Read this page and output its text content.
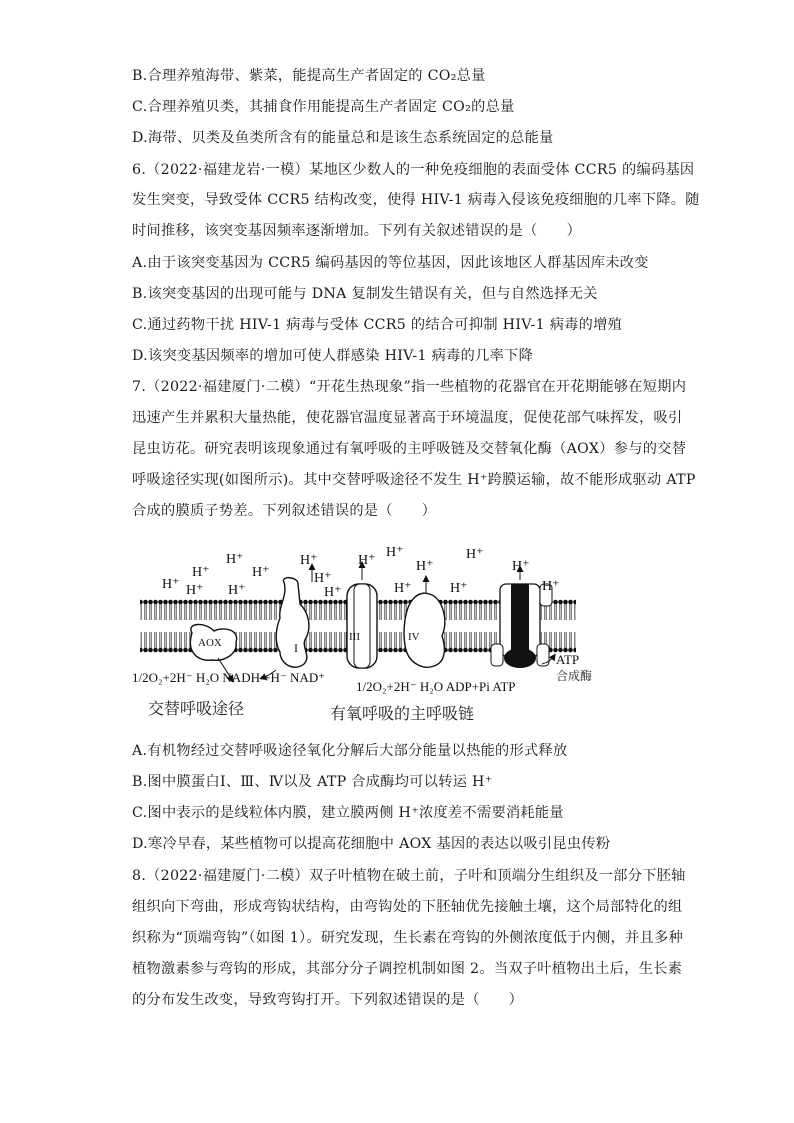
B.合理养殖海带、紫菜，能提高生产者固定的 CO₂总量
C.合理养殖贝类，其捕食作用能提高生产者固定 CO₂的总量
D.海带、贝类及鱼类所含有的能量总和是该生态系统固定的总能量
6.（2022·福建龙岩·一模）某地区少数人的一种免疫细胞的表面受体 CCR5 的编码基因
发生突变，导致受体 CCR5 结构改变，使得 HIV-1 病毒入侵该免疫细胞的几率下降。随
时间推移，该突变基因频率逐渐增加。下列有关叙述错误的是（　　）
A.由于该突变基因为 CCR5 编码基因的等位基因，因此该地区人群基因库未改变
B.该突变基因的出现可能与 DNA 复制发生错误有关，但与自然选择无关
C.通过药物干扰 HIV-1 病毒与受体 CCR5 的结合可抑制 HIV-1 病毒的增殖
D.该突变基因频率的增加可使人群感染 HIV-1 病毒的几率下降
7.（2022·福建厦门·二模）“开花生热现象”指一些植物的花器官在开花期能够在短期内
迅速产生并累积大量热能，使花器官温度显著高于环境温度，促使花部气味挥发，吸引
昆虫访花。研究表明该现象通过有氧呼吸的主呼吸链及交替氧化酶（AOX）参与的交替
呼吸途径实现(如图所示)。其中交替呼吸途径不发生 H⁺跨膜运输，故不能形成驱动 ATP
合成的膜质子势差。下列叙述错误的是（　　）
AOX	I
III	IV
H⁺ H⁺
H⁺
H⁺
H⁺
H⁺
H⁺
H⁺
H⁺
H⁺
H⁺
H⁺
H⁺
H⁺
H⁺
H⁺
H⁺
1/2O₂+2H⁻ H₂O NADH +H⁻ NAD⁺
1/2O₂+2H⁻ H₂O ADP+Pi ATP
ATP
合成酶
交替呼吸途径	有氧呼吸的主呼吸链
A.有机物经过交替呼吸途径氧化分解后大部分能量以热能的形式释放
B.图中膜蛋白Ⅰ、Ⅲ、Ⅳ以及 ATP 合成酶均可以转运 H⁺
C.图中表示的是线粒体内膜，建立膜两侧 H⁺浓度差不需要消耗能量
D.寒冷早春，某些植物可以提高花细胞中 AOX 基因的表达以吸引昆虫传粉
8.（2022·福建厦门·二模）双子叶植物在破土前，子叶和顶端分生组织及一部分下胚轴
组织向下弯曲，形成弯钩状结构，由弯钩处的下胚轴优先接触土壤，这个局部特化的组
织称为“顶端弯钩”（如图 1）。研究发现，生长素在弯钩的外侧浓度低于内侧，并且多种
植物激素参与弯钩的形成，其部分分子调控机制如图 2。当双子叶植物出土后，生长素
的分布发生改变，导致弯钩打开。下列叙述错误的是（　　）
